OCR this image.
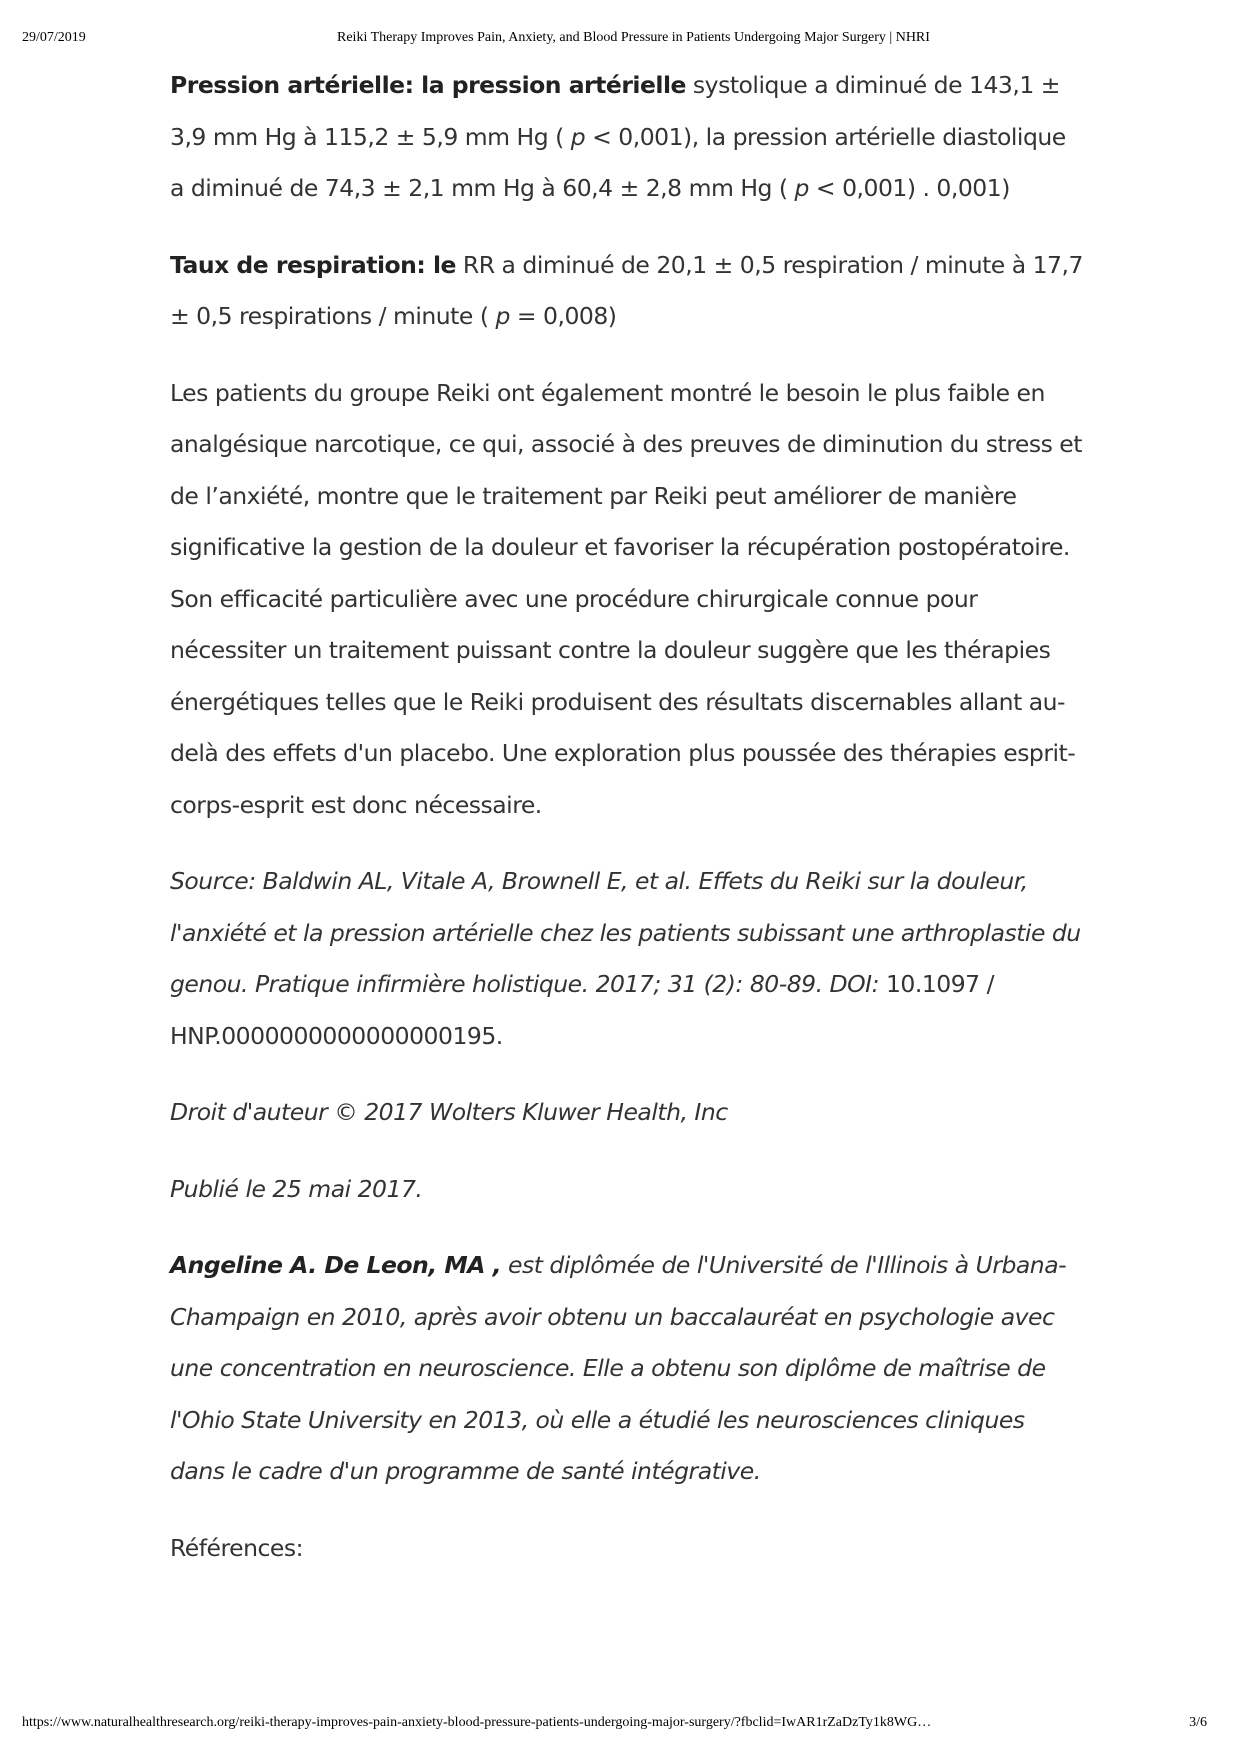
29/07/2019	Reiki Therapy Improves Pain, Anxiety, and Blood Pressure in Patients Undergoing Major Surgery | NHRI

Pression artérielle: la pression artérielle systolique a diminué de 143,1 ± 3,9 mm Hg à 115,2 ± 5,9 mm Hg ( p < 0,001), la pression artérielle diastolique a diminué de 74,3 ± 2,1 mm Hg à 60,4 ± 2,8 mm Hg ( p < 0,001) . 0,001)

Taux de respiration: le RR a diminué de 20,1 ± 0,5 respiration / minute à 17,7 ± 0,5 respirations / minute ( p = 0,008)

Les patients du groupe Reiki ont également montré le besoin le plus faible en analgésique narcotique, ce qui, associé à des preuves de diminution du stress et de l’anxiété, montre que le traitement par Reiki peut améliorer de manière significative la gestion de la douleur et favoriser la récupération postopératoire. Son efficacité particulière avec une procédure chirurgicale connue pour nécessiter un traitement puissant contre la douleur suggère que les thérapies énergétiques telles que le Reiki produisent des résultats discernables allant au-delà des effets d'un placebo. Une exploration plus poussée des thérapies esprit-corps-esprit est donc nécessaire.

Source: Baldwin AL, Vitale A, Brownell E, et al. Effets du Reiki sur la douleur, l'anxiété et la pression artérielle chez les patients subissant une arthroplastie du genou. Pratique infirmière holistique. 2017; 31 (2): 80-89. DOI: 10.1097 / HNP.0000000000000000195.

Droit d'auteur © 2017 Wolters Kluwer Health, Inc

Publié le 25 mai 2017.

Angeline A. De Leon, MA , est diplômée de l'Université de l'Illinois à Urbana-Champaign en 2010, après avoir obtenu un baccalauréat en psychologie avec une concentration en neuroscience. Elle a obtenu son diplôme de maîtrise de l'Ohio State University en 2013, où elle a étudié les neurosciences cliniques dans le cadre d'un programme de santé intégrative.

Références:

https://www.naturalhealthresearch.org/reiki-therapy-improves-pain-anxiety-blood-pressure-patients-undergoing-major-surgery/?fbclid=IwAR1rZaDzTy1k8WG…	3/6
